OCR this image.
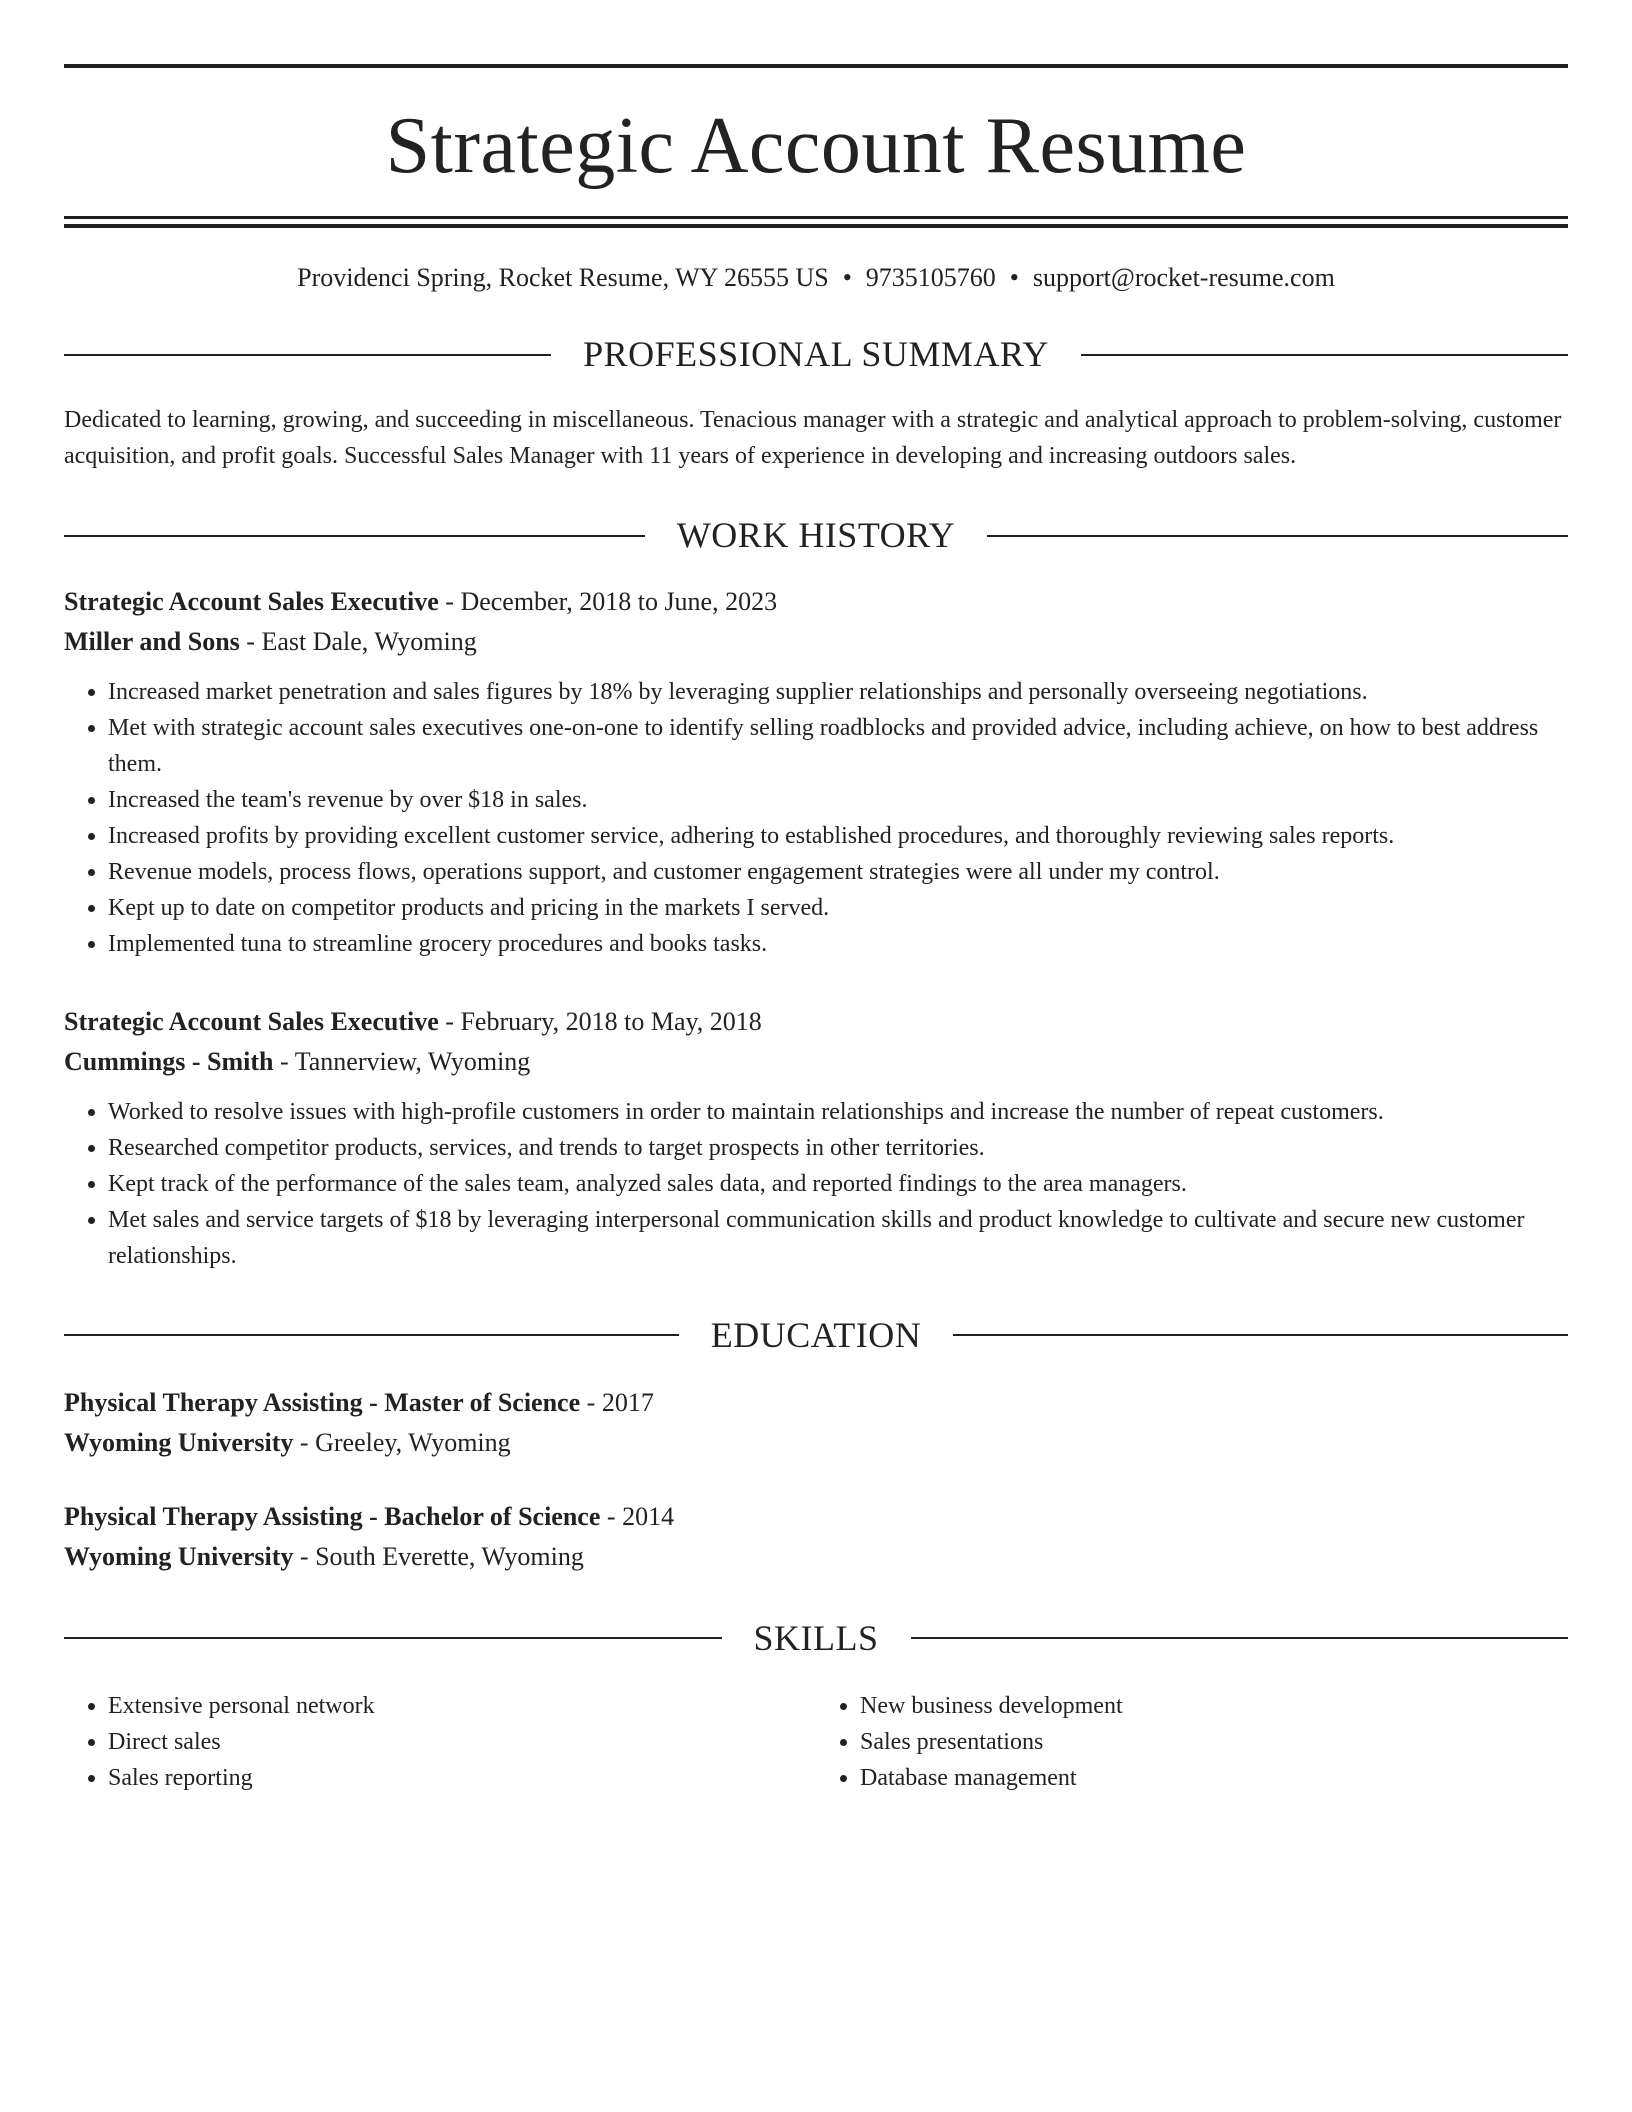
Strategic Account Resume
Providenci Spring, Rocket Resume, WY 26555 US • 9735105760 • support@rocket-resume.com
PROFESSIONAL SUMMARY
Dedicated to learning, growing, and succeeding in miscellaneous. Tenacious manager with a strategic and analytical approach to problem-solving, customer acquisition, and profit goals. Successful Sales Manager with 11 years of experience in developing and increasing outdoors sales.
WORK HISTORY
Strategic Account Sales Executive - December, 2018 to June, 2023
Miller and Sons - East Dale, Wyoming
• Increased market penetration and sales figures by 18% by leveraging supplier relationships and personally overseeing negotiations.
• Met with strategic account sales executives one-on-one to identify selling roadblocks and provided advice, including achieve, on how to best address them.
• Increased the team's revenue by over $18 in sales.
• Increased profits by providing excellent customer service, adhering to established procedures, and thoroughly reviewing sales reports.
• Revenue models, process flows, operations support, and customer engagement strategies were all under my control.
• Kept up to date on competitor products and pricing in the markets I served.
• Implemented tuna to streamline grocery procedures and books tasks.
Strategic Account Sales Executive - February, 2018 to May, 2018
Cummings - Smith - Tannerview, Wyoming
• Worked to resolve issues with high-profile customers in order to maintain relationships and increase the number of repeat customers.
• Researched competitor products, services, and trends to target prospects in other territories.
• Kept track of the performance of the sales team, analyzed sales data, and reported findings to the area managers.
• Met sales and service targets of $18 by leveraging interpersonal communication skills and product knowledge to cultivate and secure new customer relationships.
EDUCATION
Physical Therapy Assisting - Master of Science - 2017
Wyoming University - Greeley, Wyoming
Physical Therapy Assisting - Bachelor of Science - 2014
Wyoming University - South Everette, Wyoming
SKILLS
• Extensive personal network
• Direct sales
• Sales reporting
• New business development
• Sales presentations
• Database management
